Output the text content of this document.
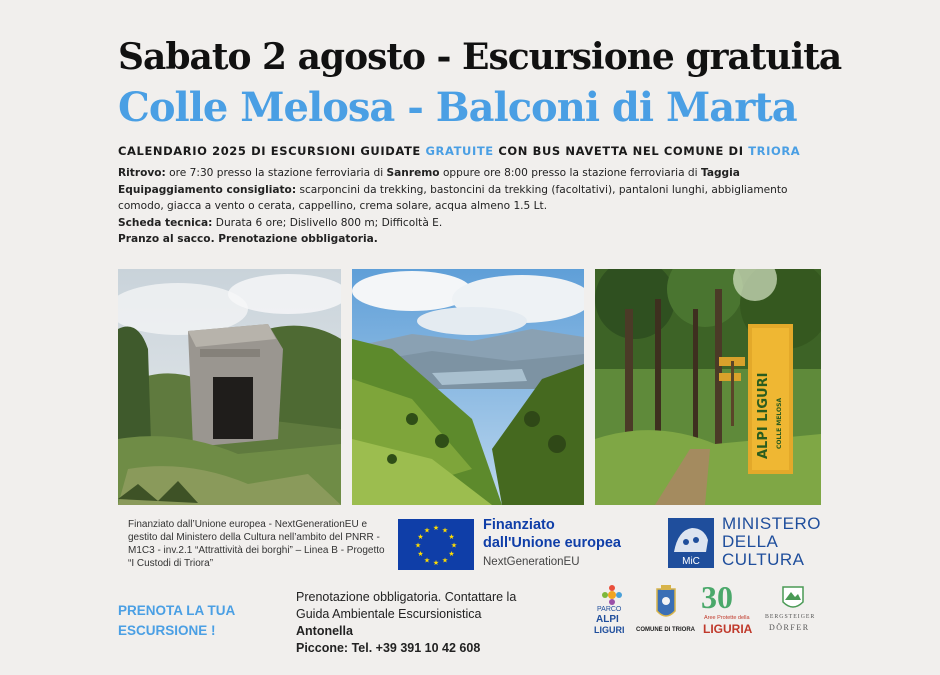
Sabato 2 agosto - Escursione gratuita
Colle Melosa - Balconi di Marta
CALENDARIO 2025 DI ESCURSIONI GUIDATE GRATUITE CON BUS NAVETTA NEL COMUNE DI TRIORA

Ritrovo: ore 7:30 presso la stazione ferroviaria di Sanremo oppure ore 8:00 presso la stazione ferroviaria di Taggia

Equipaggiamento consigliato: scarponcini da trekking, bastoncini da trekking (facoltativi), pantaloni lunghi, abbigliamento comodo, giacca a vento o cerata, cappellino, crema solare, acqua almeno 1.5 Lt.

Scheda tecnica: Durata 6 ore; Dislivello 800 m; Difficoltà E.

Pranzo al sacco. Prenotazione obbligatoria.

ALPI LIGURI COLLE MELOSA
Finanziato dall’Unione europea - NextGenerationEU e gestito dal Ministero della Cultura nell’ambito del PNRR - M1C3 - inv.2.1 “Attrattività dei borghi” – Linea B - Progetto “I Custodi di Triora”
★ ★
★
★
★
★
★
★
★
★
★
★	Finanziato
dall'Unione europea
NextGenerationEU	MiC
MINISTERO
DELLA
CULTURA
PRENOTA LA TUA
ESCURSIONE !
Prenotazione obbligatoria. Contattare la Guida Ambientale Escursionistica Antonella
Piccone: Tel. +39 391 10 42 608
PARCO
ALPI
LIGURI COMUNE DI TRIORA
30
Aree Protette della
LIGURIA
BERGSTEIGER
DÖRFER
